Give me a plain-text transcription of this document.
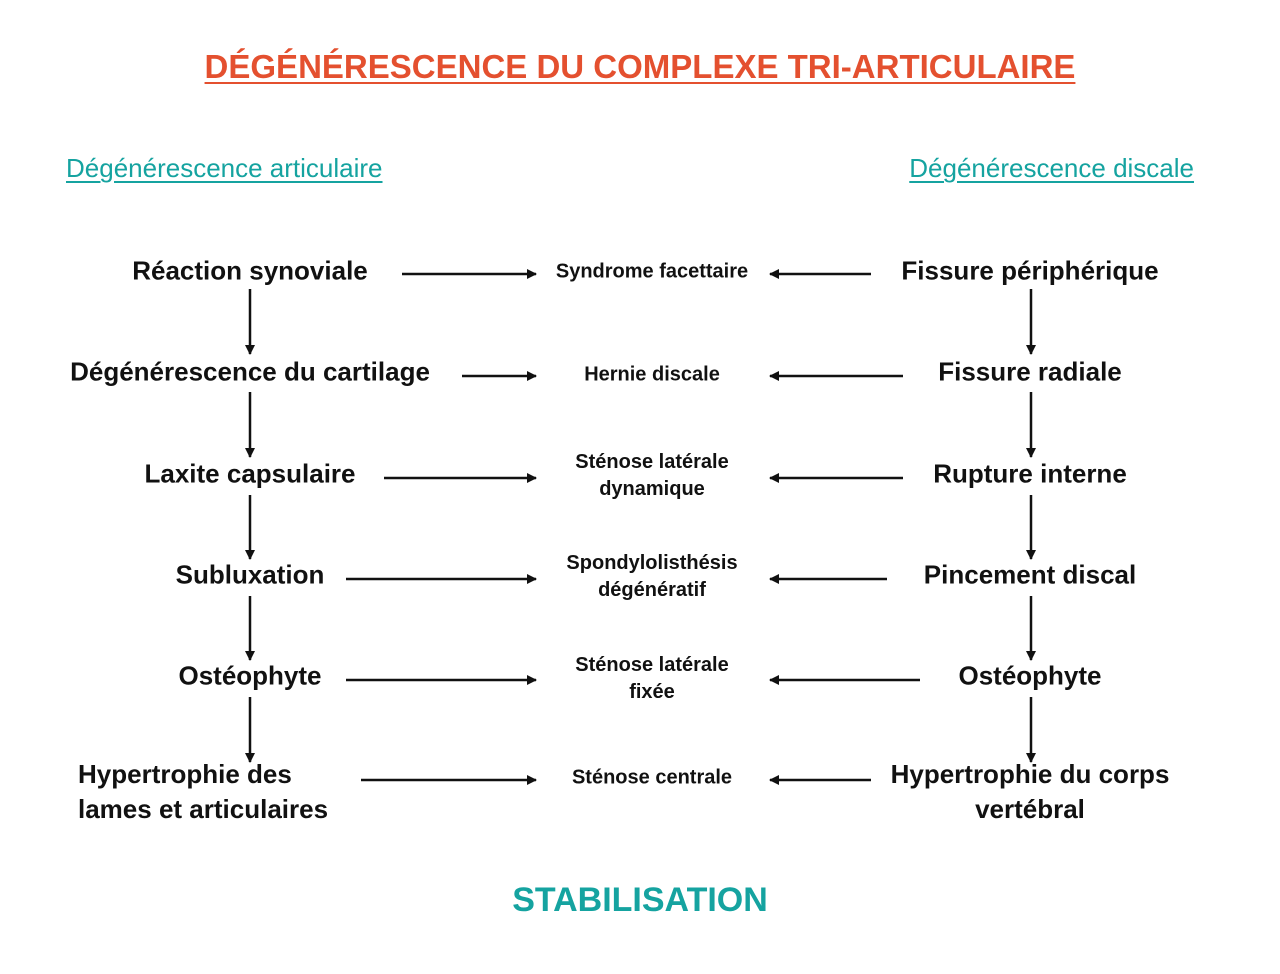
DÉGÉNÉRESCENCE DU COMPLEXE TRI-ARTICULAIRE
Dégénérescence articulaire	Dégénérescence discale
Réaction synoviale
Dégénérescence du cartilage
Laxite capsulaire
Subluxation
Ostéophyte
Hypertrophie des
lames et articulaires
Syndrome facettaire
Hernie discale
Sténose latérale
dynamique
Spondylolisthésis
dégénératif
Sténose latérale
fixée
Sténose centrale
Fissure périphérique
Fissure radiale
Rupture interne
Pincement discal
Ostéophyte
Hypertrophie du corps
vertébral
STABILISATION
